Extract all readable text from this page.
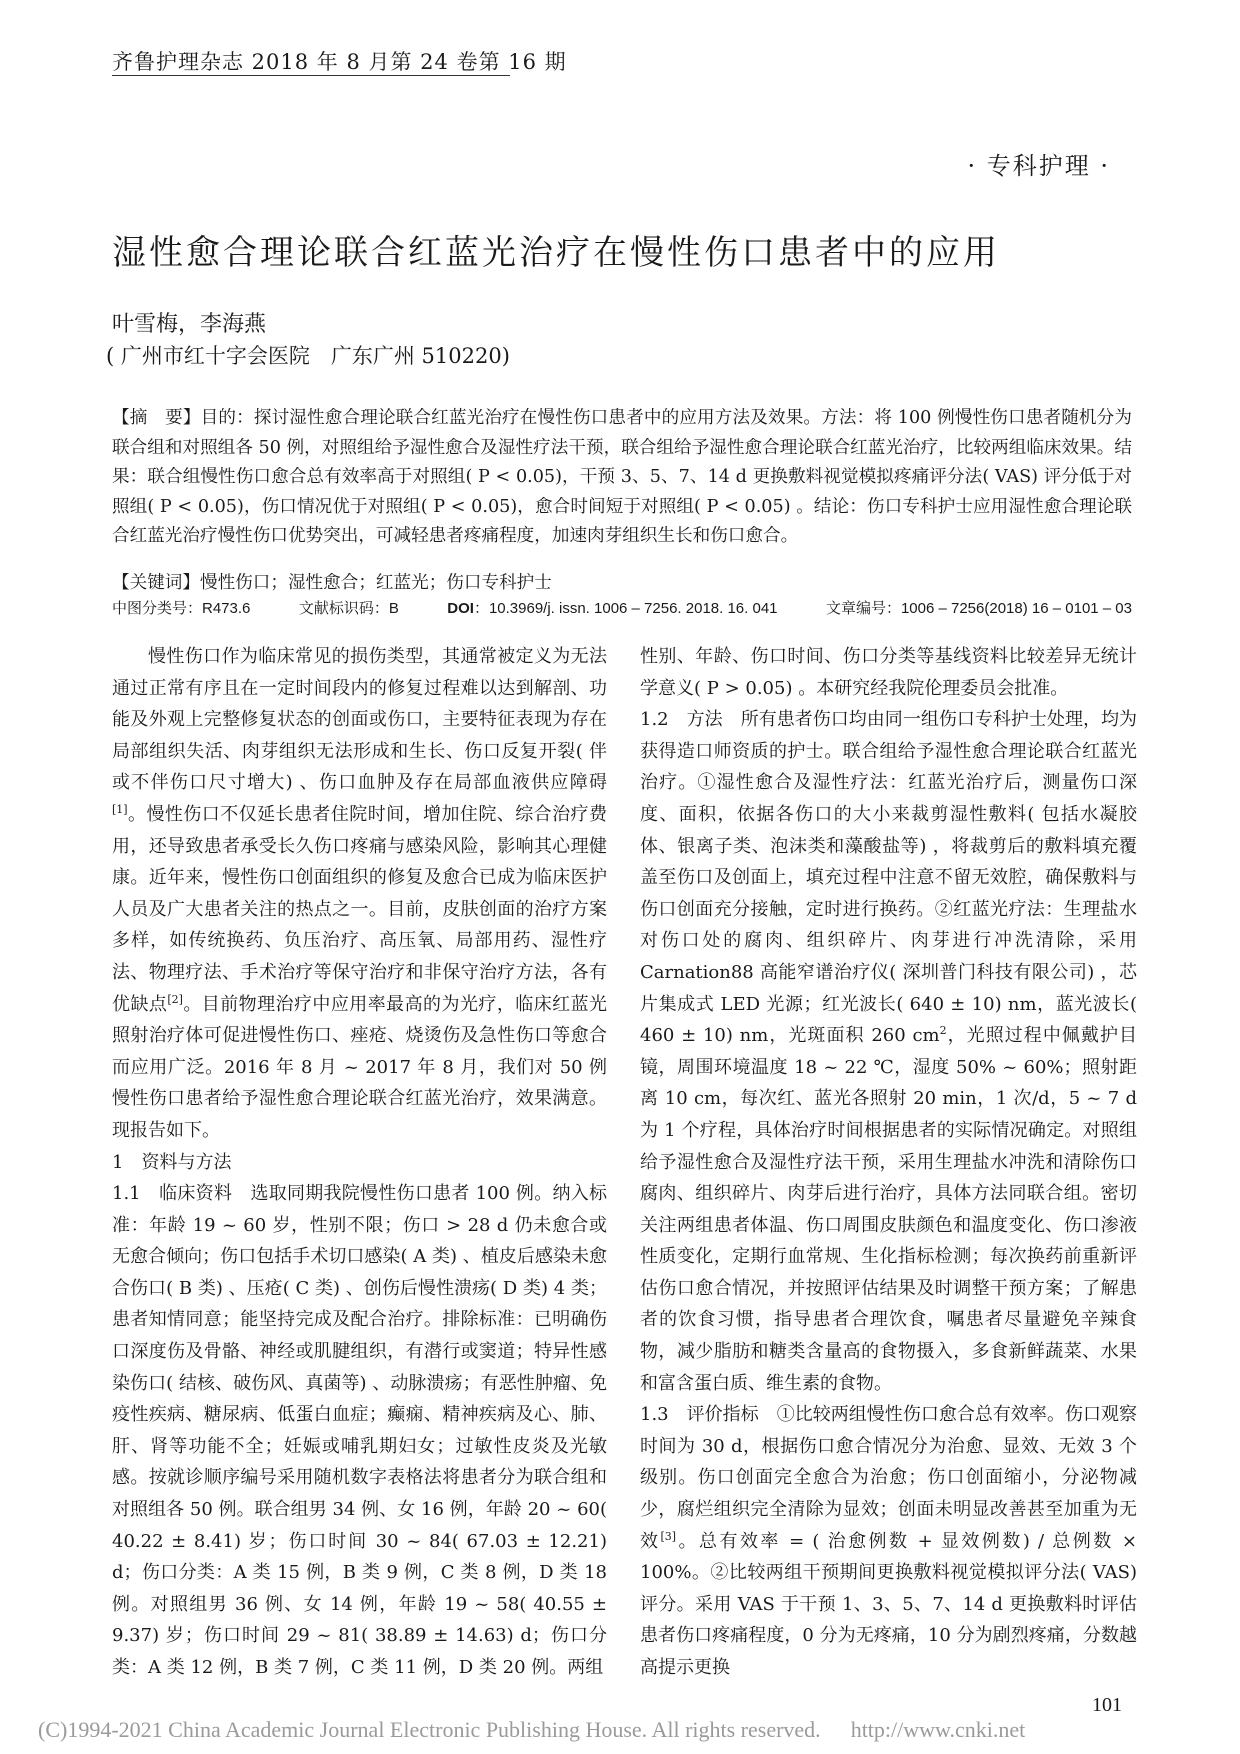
齐鲁护理杂志 2018 年 8 月第 24 卷第 16 期
· 专科护理 ·
湿性愈合理论联合红蓝光治疗在慢性伤口患者中的应用
叶雪梅，李海燕
( 广州市红十字会医院　广东广州 510220)
【摘　要】目的：探讨湿性愈合理论联合红蓝光治疗在慢性伤口患者中的应用方法及效果。方法：将 100 例慢性伤口患者随机分为联合组和对照组各 50 例，对照组给予湿性愈合及湿性疗法干预，联合组给予湿性愈合理论联合红蓝光治疗，比较两组临床效果。结果：联合组慢性伤口愈合总有效率高于对照组( P < 0.05)，干预 3、5、7、14 d 更换敷料视觉模拟疼痛评分法( VAS) 评分低于对照组( P < 0.05)，伤口情况优于对照组( P < 0.05)，愈合时间短于对照组( P < 0.05) 。结论：伤口专科护士应用湿性愈合理论联合红蓝光治疗慢性伤口优势突出，可减轻患者疼痛程度，加速肉芽组织生长和伤口愈合。
【关键词】慢性伤口；湿性愈合；红蓝光；伤口专科护士
中图分类号：R473.6	文献标识码：B	DOI：10.3969/j. issn. 1006 – 7256. 2018. 16. 041	文章编号：1006 – 7256(2018) 16 – 0101 – 03

慢性伤口作为临床常见的损伤类型，其通常被定义为无法通过正常有序且在一定时间段内的修复过程难以达到解剖、功能及外观上完整修复状态的创面或伤口，主要特征表现为存在局部组织失活、肉芽组织无法形成和生长、伤口反复开裂( 伴或不伴伤口尺寸增大) 、伤口血肿及存在局部血液供应障碍[1]。慢性伤口不仅延长患者住院时间，增加住院、综合治疗费用，还导致患者承受长久伤口疼痛与感染风险，影响其心理健康。近年来，慢性伤口创面组织的修复及愈合已成为临床医护人员及广大患者关注的热点之一。目前，皮肤创面的治疗方案多样，如传统换药、负压治疗、高压氧、局部用药、湿性疗法、物理疗法、手术治疗等保守治疗和非保守治疗方法，各有优缺点[2]。目前物理治疗中应用率最高的为光疗，临床红蓝光照射治疗体可促进慢性伤口、痤疮、烧烫伤及急性伤口等愈合而应用广泛。2016 年 8 月 ~ 2017 年 8 月，我们对 50 例慢性伤口患者给予湿性愈合理论联合红蓝光治疗，效果满意。现报告如下。

1　资料与方法

1.1　临床资料　选取同期我院慢性伤口患者 100 例。纳入标准：年龄 19 ~ 60 岁，性别不限；伤口 > 28 d 仍未愈合或无愈合倾向；伤口包括手术切口感染( A 类) 、植皮后感染未愈合伤口( B 类) 、压疮( C 类) 、创伤后慢性溃疡( D 类) 4 类；患者知情同意；能坚持完成及配合治疗。排除标准：已明确伤口深度伤及骨骼、神经或肌腱组织，有潜行或窦道；特异性感染伤口( 结核、破伤风、真菌等) 、动脉溃疡；有恶性肿瘤、免疫性疾病、糖尿病、低蛋白血症；癫痫、精神疾病及心、肺、肝、肾等功能不全；妊娠或哺乳期妇女；过敏性皮炎及光敏感。按就诊顺序编号采用随机数字表格法将患者分为联合组和对照组各 50 例。联合组男 34 例、女 16 例，年龄 20 ~ 60( 40.22 ± 8.41) 岁；伤口时间 30 ~ 84( 67.03 ± 12.21) d；伤口分类：A 类 15 例，B 类 9 例，C 类 8 例，D 类 18 例。对照组男 36 例、女 14 例，年龄 19 ~ 58( 40.55 ± 9.37) 岁；伤口时间 29 ~ 81( 38.89 ± 14.63) d；伤口分类：A 类 12 例，B 类 7 例，C 类 11 例，D 类 20 例。两组

性别、年龄、伤口时间、伤口分类等基线资料比较差异无统计学意义( P > 0.05) 。本研究经我院伦理委员会批准。

1.2　方法　所有患者伤口均由同一组伤口专科护士处理，均为获得造口师资质的护士。联合组给予湿性愈合理论联合红蓝光治疗。①湿性愈合及湿性疗法：红蓝光治疗后，测量伤口深度、面积，依据各伤口的大小来裁剪湿性敷料( 包括水凝胶体、银离子类、泡沫类和藻酸盐等) ，将裁剪后的敷料填充覆盖至伤口及创面上，填充过程中注意不留无效腔，确保敷料与伤口创面充分接触，定时进行换药。②红蓝光疗法：生理盐水对伤口处的腐肉、组织碎片、肉芽进行冲洗清除，采用 Carnation88 高能窄谱治疗仪( 深圳普门科技有限公司) ，芯片集成式 LED 光源；红光波长( 640 ± 10) nm，蓝光波长( 460 ± 10) nm，光斑面积 260 $cm^2$，光照过程中佩戴护目镜，周围环境温度 18 ~ 22 ℃，湿度 50% ~ 60%；照射距离 10 cm，每次红、蓝光各照射 20 min，1 次/d，5 ~ 7 d 为 1 个疗程，具体治疗时间根据患者的实际情况确定。对照组给予湿性愈合及湿性疗法干预，采用生理盐水冲洗和清除伤口腐肉、组织碎片、肉芽后进行治疗，具体方法同联合组。密切关注两组患者体温、伤口周围皮肤颜色和温度变化、伤口渗液性质变化，定期行血常规、生化指标检测；每次换药前重新评估伤口愈合情况，并按照评估结果及时调整干预方案；了解患者的饮食习惯，指导患者合理饮食，嘱患者尽量避免辛辣食物，减少脂肪和糖类含量高的食物摄入，多食新鲜蔬菜、水果和富含蛋白质、维生素的食物。

1.3　评价指标　①比较两组慢性伤口愈合总有效率。伤口观察时间为 30 d，根据伤口愈合情况分为治愈、显效、无效 3 个级别。伤口创面完全愈合为治愈；伤口创面缩小，分泌物减少，腐烂组织完全清除为显效；创面未明显改善甚至加重为无效[3]。总有效率 = ( 治愈例数 + 显效例数) / 总例数 × 100%。②比较两组干预期间更换敷料视觉模拟评分法( VAS) 评分。采用 VAS 于干预 1、3、5、7、14 d 更换敷料时评估患者伤口疼痛程度，0 分为无疼痛，10 分为剧烈疼痛，分数越高提示更换

101
(C)1994-2021 China Academic Journal Electronic Publishing House. All rights reserved. http://www.cnki.net
